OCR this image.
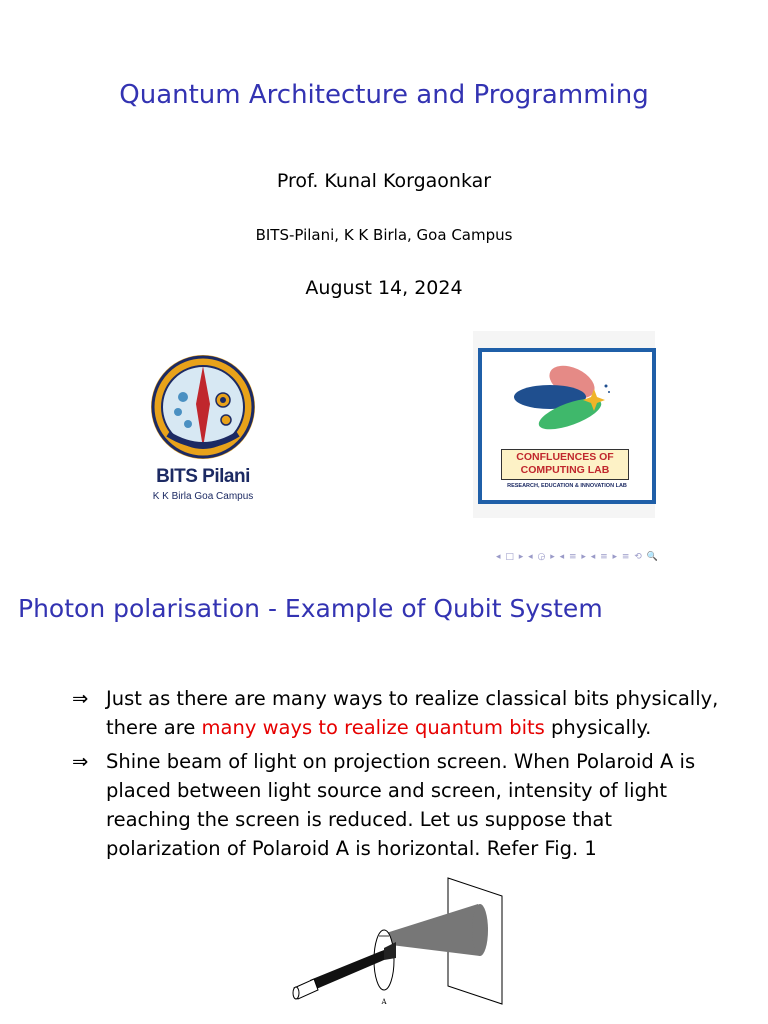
Quantum Architecture and Programming
Prof. Kunal Korgaonkar
BITS-Pilani, K K Birla, Goa Campus
August 14, 2024
BITS Pilani
K K Birla Goa Campus
CONFLUENCES OF
COMPUTING LAB
RESEARCH, EDUCATION & INNOVATION LAB
◂ □ ▸ ◂ ◶ ▸ ◂ ≡ ▸ ◂ ≡ ▸ ≡ ⟲ 🔍
Photon polarisation - Example of Qubit System
⇒ Just as there are many ways to realize classical bits physically, there are many ways to realize quantum bits physically.
⇒ Shine beam of light on projection screen. When Polaroid A is placed between light source and screen, intensity of light reaching the screen is reduced. Let us suppose that polarization of Polaroid A is horizontal. Refer Fig. 1
A
